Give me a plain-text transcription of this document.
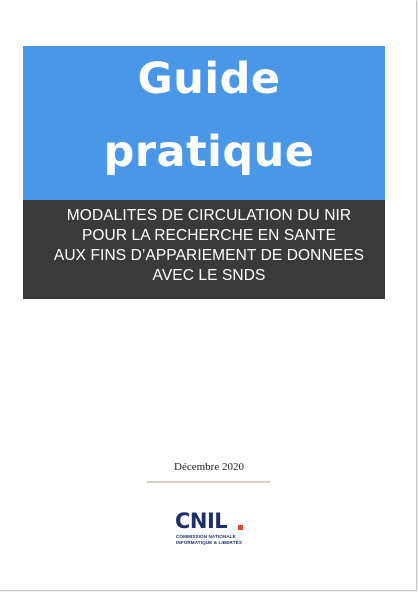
Guide
pratique
MODALITES DE CIRCULATION DU NIR
POUR LA RECHERCHE EN SANTE
AUX FINS D’APPARIEMENT DE DONNEES
AVEC LE SNDS
Décembre 2020
CNIL
COMMISSION NATIONALE
INFORMATIQUE & LIBERTÉS
